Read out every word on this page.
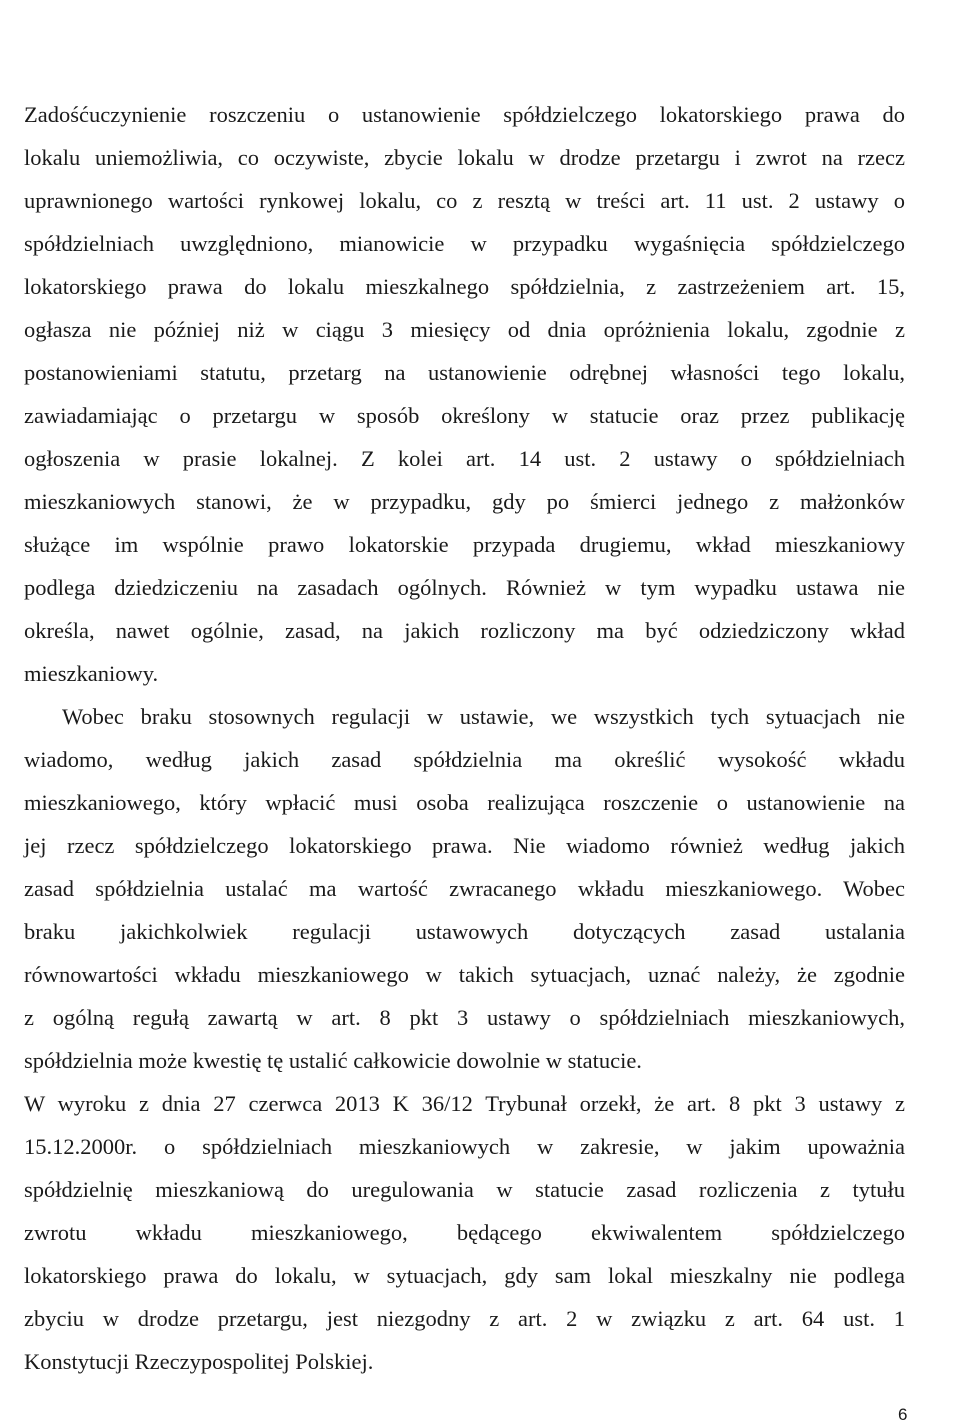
Zadośćuczynienie roszczeniu o ustanowienie spółdzielczego lokatorskiego prawa do
lokalu uniemożliwia, co oczywiste, zbycie lokalu w drodze przetargu i zwrot na rzecz
uprawnionego wartości rynkowej lokalu, co z resztą w treści art. 11 ust. 2 ustawy o
spółdzielniach uwzględniono, mianowicie w przypadku wygaśnięcia spółdzielczego
lokatorskiego prawa do lokalu mieszkalnego spółdzielnia, z zastrzeżeniem art. 15,
ogłasza nie później niż w ciągu 3 miesięcy od dnia opróżnienia lokalu, zgodnie z
postanowieniami statutu, przetarg na ustanowienie odrębnej własności tego lokalu,
zawiadamiając o przetargu w sposób określony w statucie oraz przez publikację
ogłoszenia w prasie lokalnej. Z kolei art. 14 ust. 2 ustawy o spółdzielniach
mieszkaniowych stanowi, że w przypadku, gdy po śmierci jednego z małżonków
służące im wspólnie prawo lokatorskie przypada drugiemu, wkład mieszkaniowy
podlega dziedziczeniu na zasadach ogólnych. Również w tym wypadku ustawa nie
określa, nawet ogólnie, zasad, na jakich rozliczony ma być odziedziczony wkład
mieszkaniowy.
Wobec braku stosownych regulacji w ustawie, we wszystkich tych sytuacjach nie
wiadomo, według jakich zasad spółdzielnia ma określić wysokość wkładu
mieszkaniowego, który wpłacić musi osoba realizująca roszczenie o ustanowienie na
jej rzecz spółdzielczego lokatorskiego prawa. Nie wiadomo również według jakich
zasad spółdzielnia ustalać ma wartość zwracanego wkładu mieszkaniowego. Wobec
braku jakichkolwiek regulacji ustawowych dotyczących zasad ustalania
równowartości wkładu mieszkaniowego w takich sytuacjach, uznać należy, że zgodnie
z ogólną regułą zawartą w art. 8 pkt 3 ustawy o spółdzielniach mieszkaniowych,
spółdzielnia może kwestię tę ustalić całkowicie dowolnie w statucie.
W wyroku z dnia 27 czerwca 2013 K 36/12 Trybunał orzekł, że art. 8 pkt 3 ustawy z
15.12.2000r. o spółdzielniach mieszkaniowych w zakresie, w jakim upoważnia
spółdzielnię mieszkaniową do uregulowania w statucie zasad rozliczenia z tytułu
zwrotu wkładu mieszkaniowego, będącego ekwiwalentem spółdzielczego
lokatorskiego prawa do lokalu, w sytuacjach, gdy sam lokal mieszkalny nie podlega
zbyciu w drodze przetargu, jest niezgodny z art. 2 w związku z art. 64 ust. 1
Konstytucji Rzeczypospolitej Polskiej.
6
